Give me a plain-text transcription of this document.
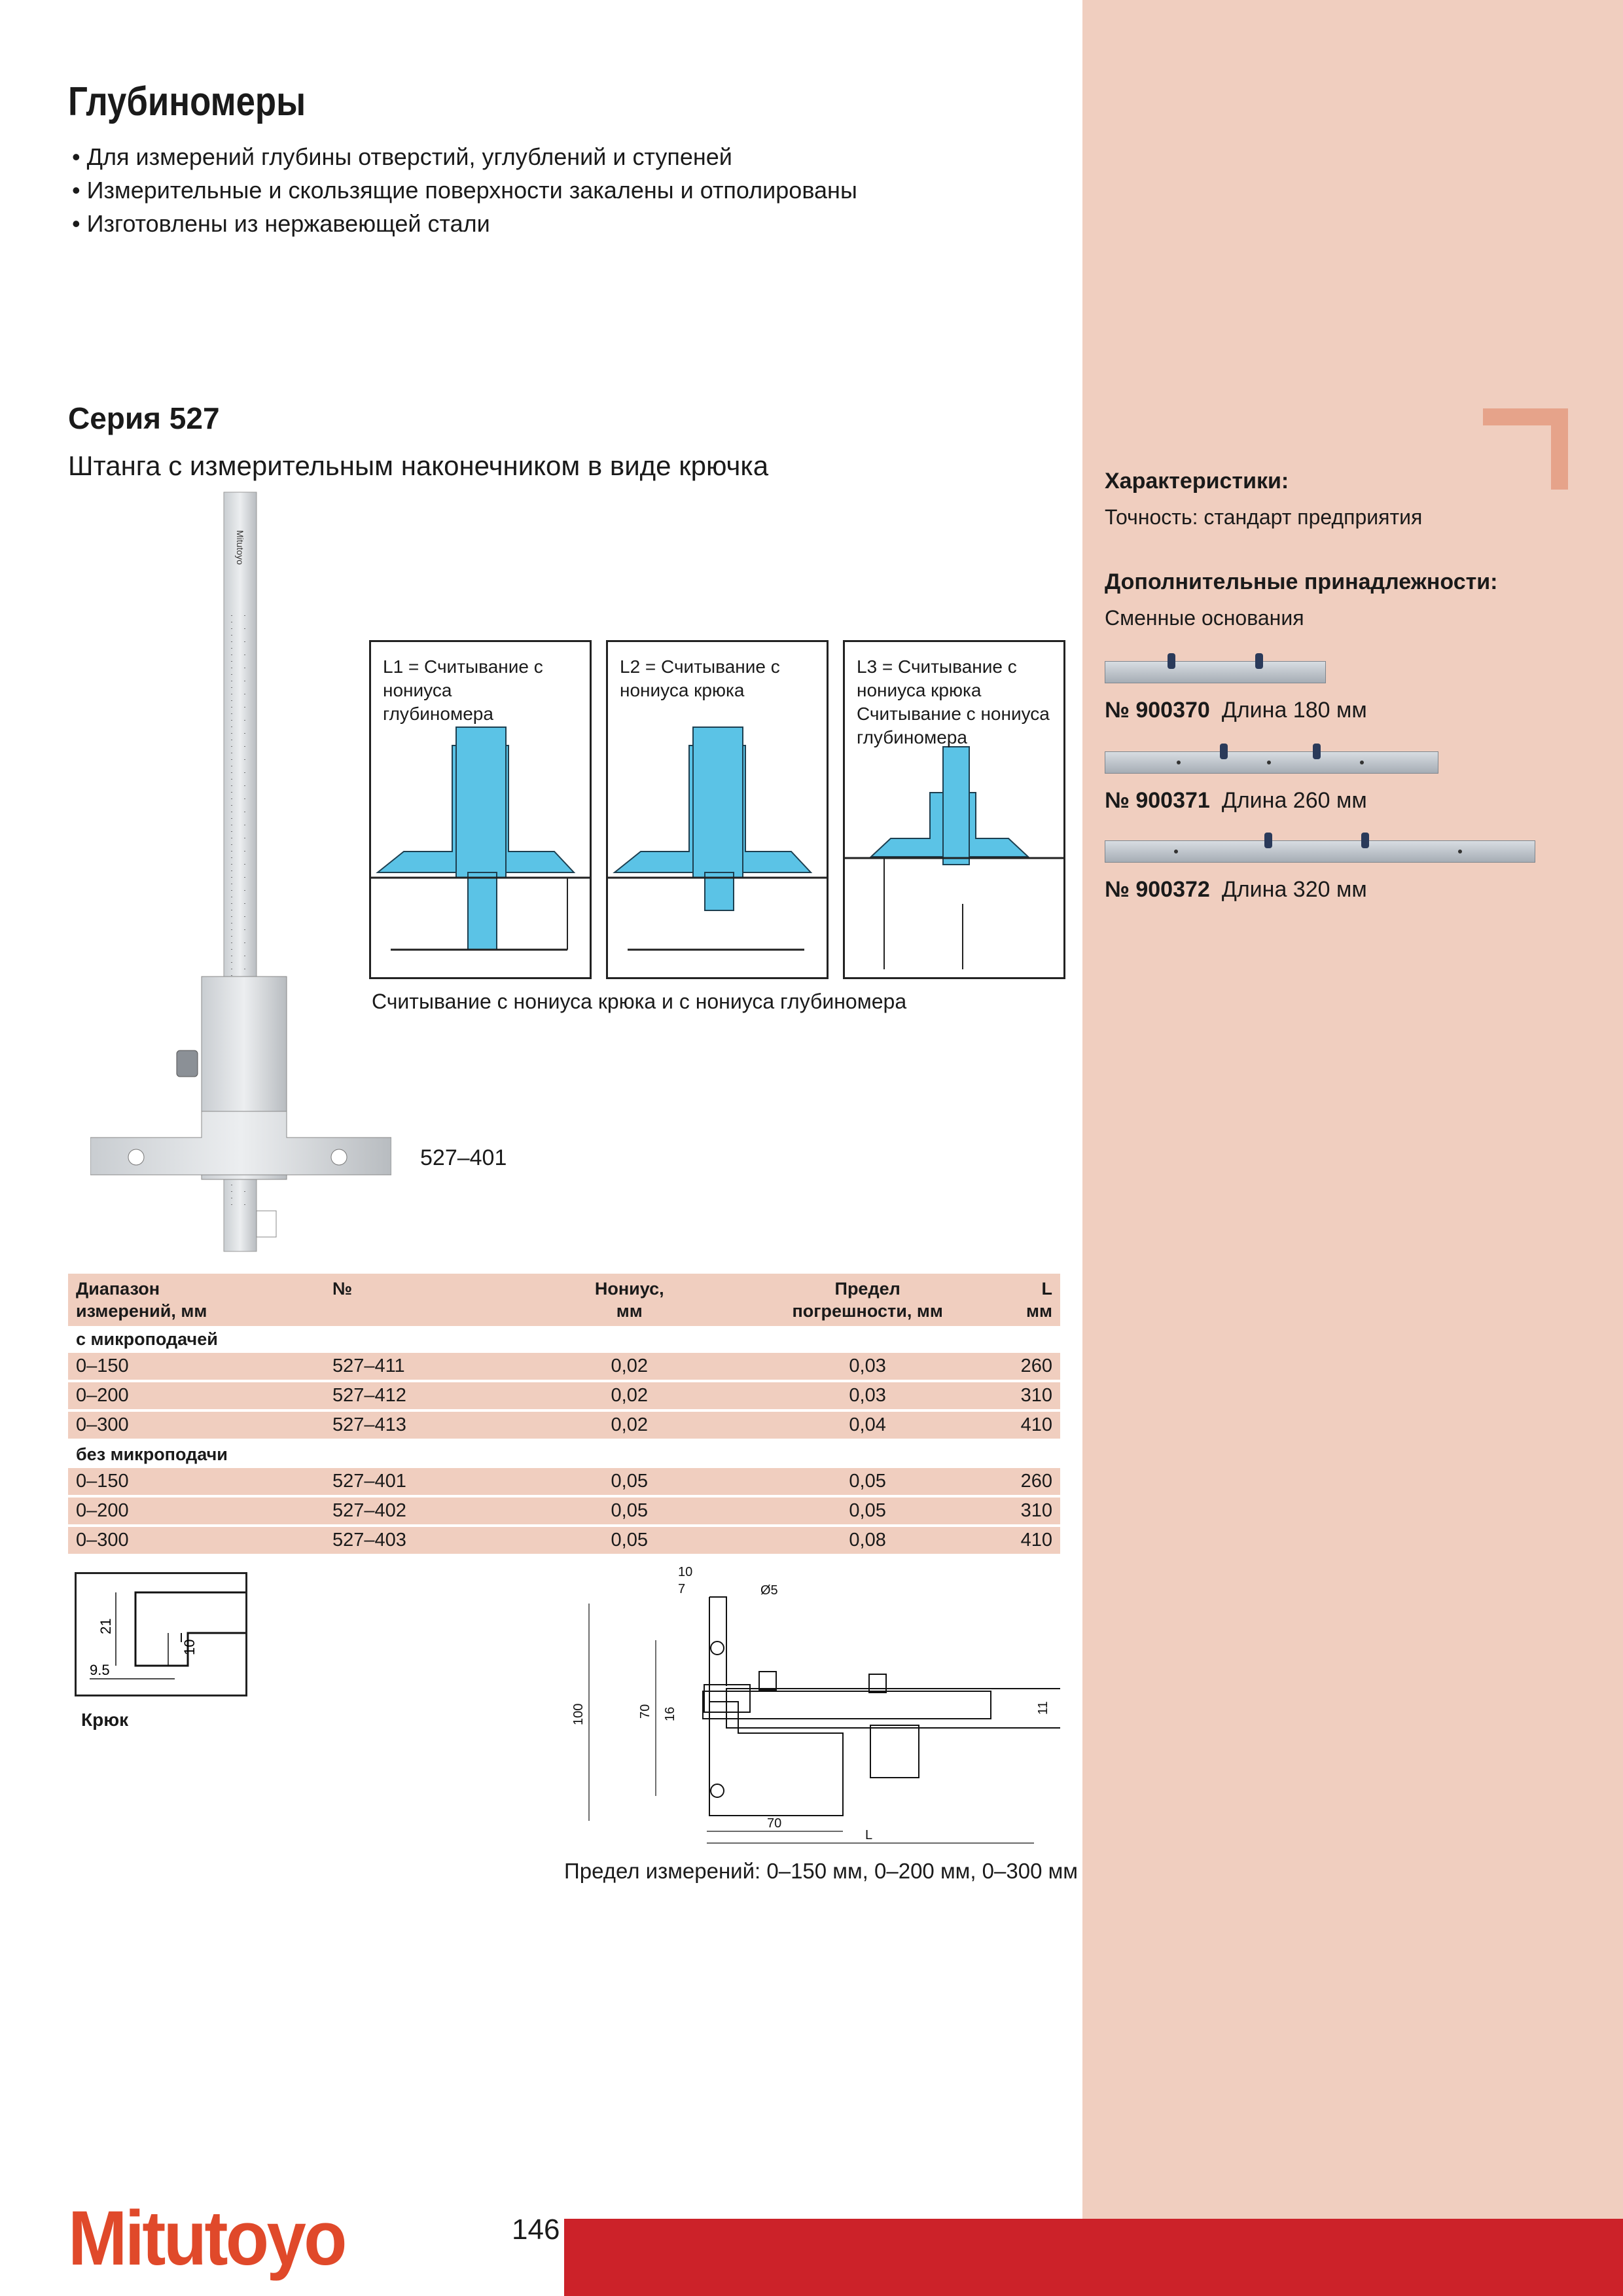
Глубиномеры
• Для измерений глубины отверстий, углублений и ступеней
• Измерительные и скользящие поверхности закалены и отполированы
• Изготовлены из нержавеющей стали
Серия 527
Штанга с измерительным наконечником в виде крючка
Mitutoyo
527–401
L1 = Считывание с
нониуса
глубиномера
L2 = Считывание с
нониуса крюка
L3 = Считывание с
нониуса крюка
Считывание с нониуса
глубиномера
Считывание с нониуса крюка и с нониуса глубиномера
Диапазон
измерений, мм	№	Нониус,
мм	Предел
погрешности, мм	L
мм
с микроподачей				
0–150	527–411	0,02	0,03	260
0–200	527–412	0,02	0,03	310
0–300	527–413	0,02	0,04	410
без микроподачи				
0–150	527–401	0,05	0,05	260
0–200	527–402	0,05	0,05	310
0–300	527–403	0,05	0,08	410
21
10
9.5
Крюк
10
7	Ø5
100	70 16	11
70
L
Предел измерений: 0–150 мм, 0–200 мм, 0–300 мм
Характеристики:
Точность: стандарт предприятия
Дополнительные принадлежности:
Сменные основания
№ 900370 Длина 180 мм
№ 900371 Длина 260 мм
№ 900372 Длина 320 мм
Mitutoyo	146
